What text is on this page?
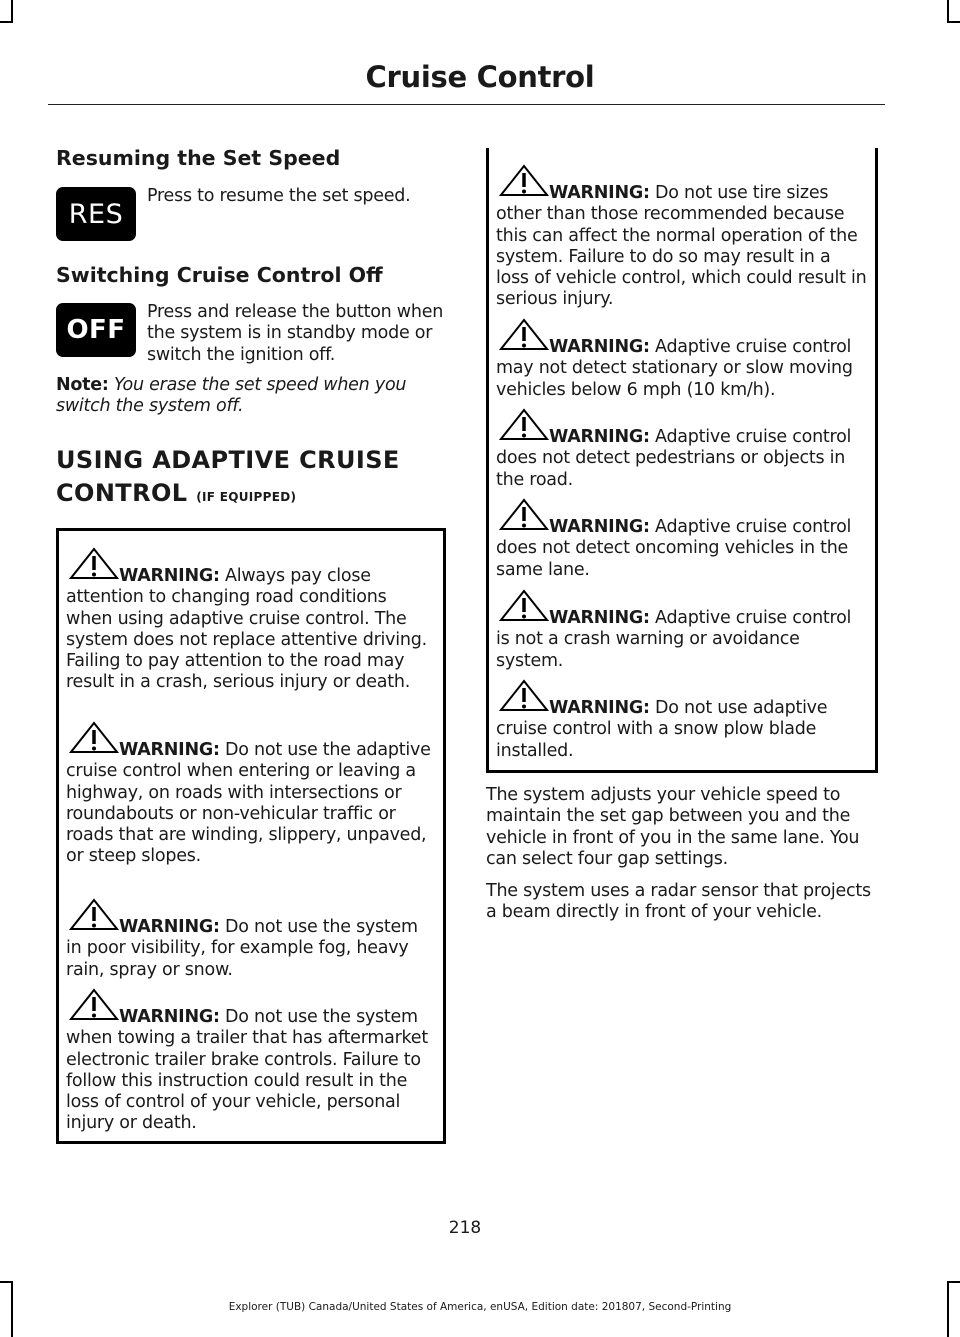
Cruise Control
Resuming the Set Speed
RES
Press to resume the set speed.
Switching Cruise Control Off
OFF
Press and release the button when the system is in standby mode or switch the ignition off.
Note: You erase the set speed when you switch the system off.
USING ADAPTIVE CRUISE
CONTROL (IF EQUIPPED)
WARNING: Always pay close attention to changing road conditions when using adaptive cruise control. The system does not replace attentive driving. Failing to pay attention to the road may result in a crash, serious injury or death.
WARNING: Do not use the adaptive cruise control when entering or leaving a highway, on roads with intersections or roundabouts or non-vehicular traffic or roads that are winding, slippery, unpaved, or steep slopes.
WARNING: Do not use the system in poor visibility, for example fog, heavy rain, spray or snow.
WARNING: Do not use the system when towing a trailer that has aftermarket electronic trailer brake controls. Failure to follow this instruction could result in the loss of control of your vehicle, personal injury or death.
WARNING: Do not use tire sizes other than those recommended because this can affect the normal operation of the system. Failure to do so may result in a loss of vehicle control, which could result in serious injury.
WARNING: Adaptive cruise control may not detect stationary or slow moving vehicles below 6 mph (10 km/h).
WARNING: Adaptive cruise control does not detect pedestrians or objects in the road.
WARNING: Adaptive cruise control does not detect oncoming vehicles in the same lane.
WARNING: Adaptive cruise control is not a crash warning or avoidance system.
WARNING: Do not use adaptive cruise control with a snow plow blade installed.
The system adjusts your vehicle speed to maintain the set gap between you and the vehicle in front of you in the same lane. You can select four gap settings.
The system uses a radar sensor that projects a beam directly in front of your vehicle.
218
Explorer (TUB) Canada/United States of America, enUSA, Edition date: 201807, Second-Printing
